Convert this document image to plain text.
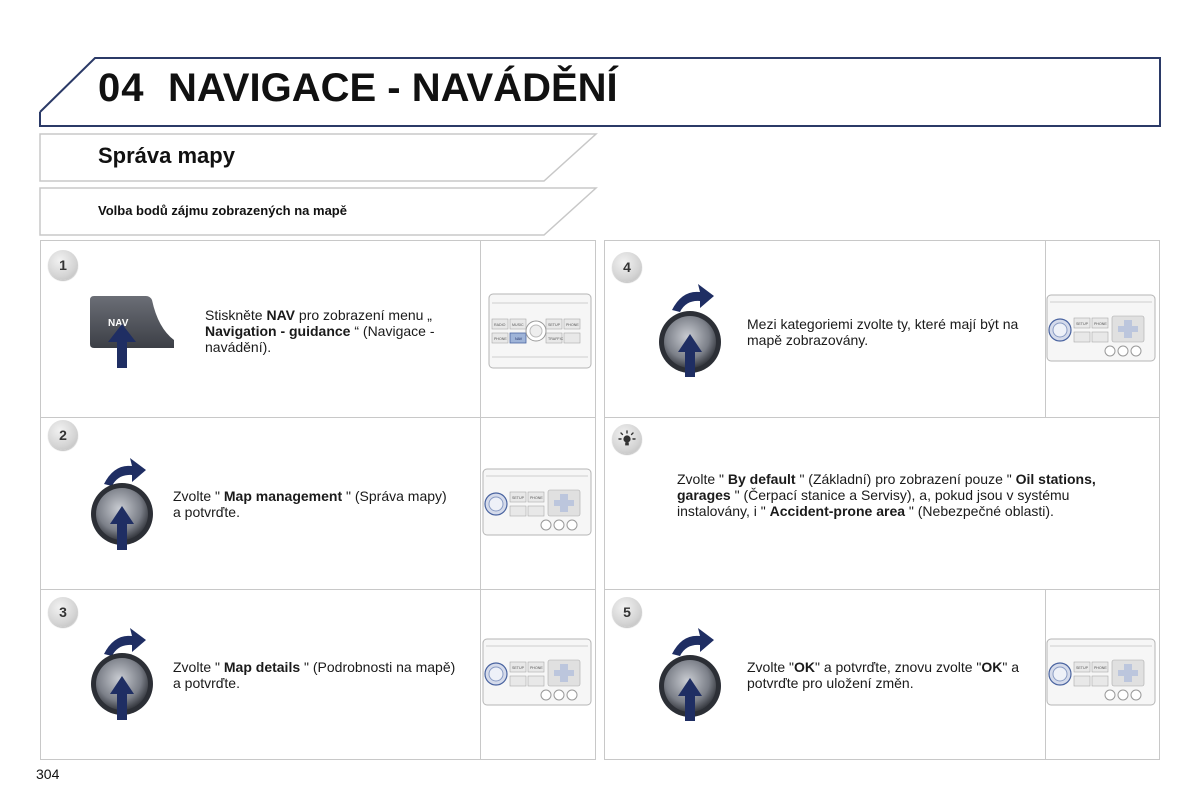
04 NAVIGACE - NAVÁDĚNÍ
Správa mapy
Volba bodů zájmu zobrazených na mapě
1
NAV
Stiskněte NAV pro zobrazení menu „ Navigation - guidance “ (Navigace - navádění).
RADIO MUSIC	SETUP PHONE
PHONE NAV	TRAFFIC
2
Zvolte " Map management " (Správa mapy) a potvrďte.
SETUP PHONE
3
Zvolte " Map details " (Podrobnosti na mapě) a potvrďte.
SETUP PHONE
4
Mezi kategoriemi zvolte ty, které mají být na mapě zobrazovány.
SETUP PHONE
Zvolte " By default " (Základní) pro zobrazení pouze " Oil stations, garages " (Čerpací stanice a Servisy), a, pokud jsou v systému instalovány, i " Accident-prone area " (Nebezpečné oblasti).
5
Zvolte "OK" a potvrďte, znovu zvolte "OK" a potvrďte pro uložení změn.
SETUP PHONE
304
